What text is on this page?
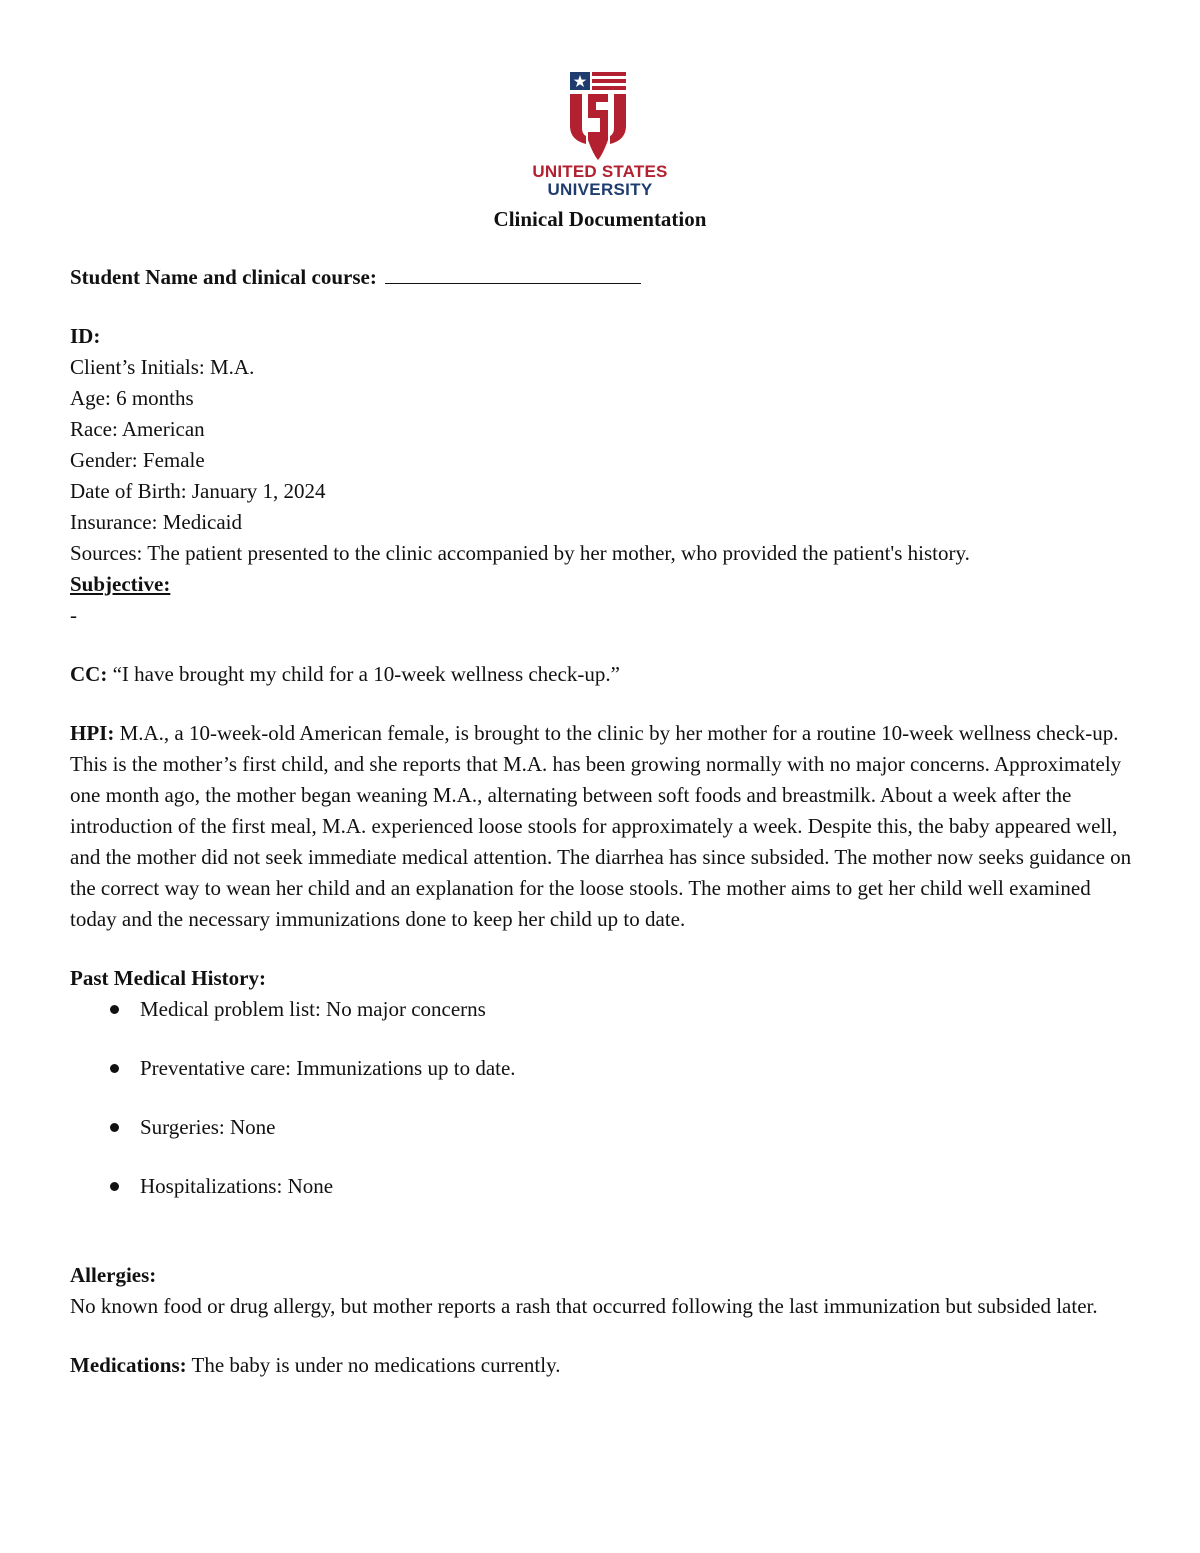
UNITED STATES
UNIVERSITY
Clinical Documentation

Student Name and clinical course:

ID:

Client’s Initials: M.A.

Age: 6 months

Race: American

Gender: Female

Date of Birth: January 1, 2024

Insurance: Medicaid

Sources: The patient presented to the clinic accompanied by her mother, who provided the patient's history.

Subjective:

-

CC: “I have brought my child for a 10-week wellness check-up.”

HPI: M.A., a 10-week-old American female, is brought to the clinic by her mother for a routine 10-week wellness check-up. This is the mother’s first child, and she reports that M.A. has been growing normally with no major concerns. Approximately one month ago, the mother began weaning M.A., alternating between soft foods and breastmilk. About a week after the introduction of the first meal, M.A. experienced loose stools for approximately a week. Despite this, the baby appeared well, and the mother did not seek immediate medical attention. The diarrhea has since subsided. The mother now seeks guidance on the correct way to wean her child and an explanation for the loose stools. The mother aims to get her child well examined today and the necessary immunizations done to keep her child up to date.

Past Medical History:

Medical problem list: No major concerns
Preventative care: Immunizations up to date.
Surgeries: None
Hospitalizations: None

Allergies:

No known food or drug allergy, but mother reports a rash that occurred following the last immunization but subsided later.

Medications: The baby is under no medications currently.
